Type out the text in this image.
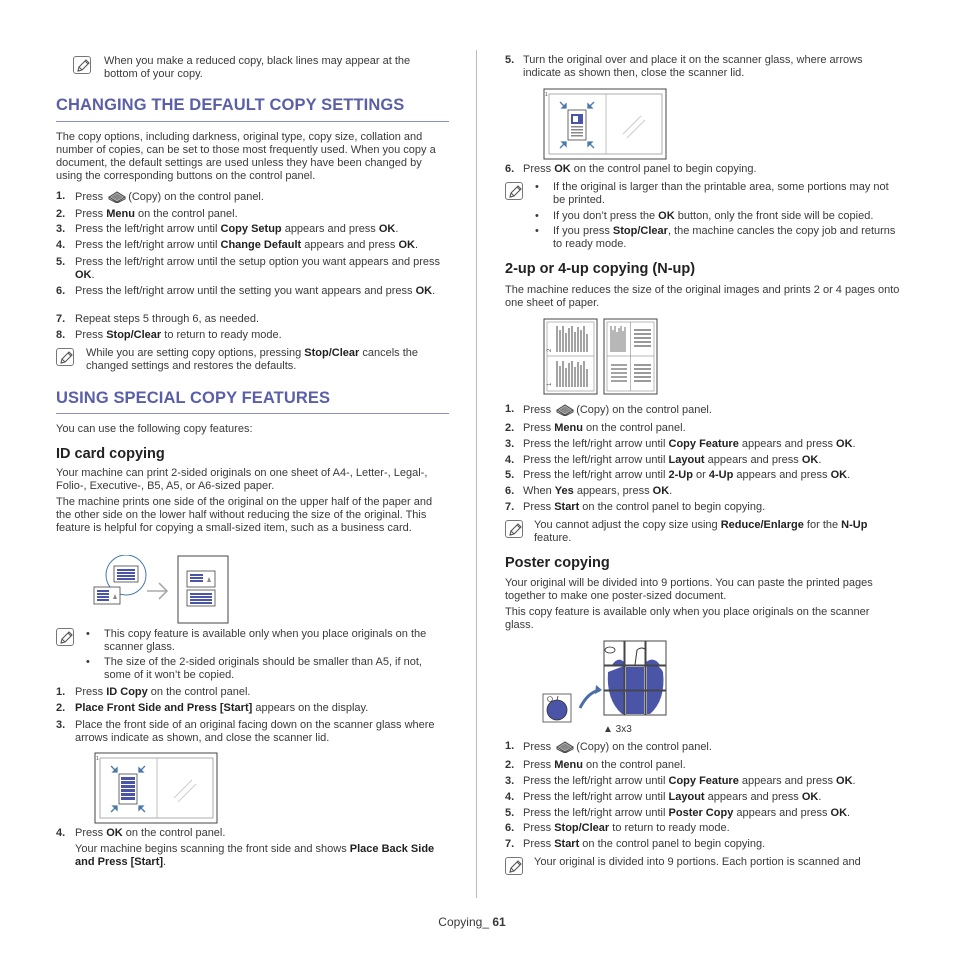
When you make a reduced copy, black lines may appear at the bottom of your copy.

CHANGING THE DEFAULT COPY SETTINGS

The copy options, including darkness, original type, copy size, collation and number of copies, can be set to those most frequently used. When you copy a document, the default settings are used unless they have been changed by using the corresponding buttons on the control panel.

1. Press (Copy) on the control panel.

2. Press Menu on the control panel.

3. Press the left/right arrow until Copy Setup appears and press OK.

4. Press the left/right arrow until Change Default appears and press OK.

5. Press the left/right arrow until the setup option you want appears and press OK.

6. Press the left/right arrow until the setting you want appears and press OK.

7. Repeat steps 5 through 6, as needed.

8. Press Stop/Clear to return to ready mode.

While you are setting copy options, pressing Stop/Clear cancels the changed settings and restores the defaults.

USING SPECIAL COPY FEATURES

You can use the following copy features:

ID card copying

Your machine can print 2-sided originals on one sheet of A4-, Letter-, Legal-, Folio-, Executive-, B5, A5, or A6-sized paper.

The machine prints one side of the original on the upper half of the paper and the other side on the lower half without reducing the size of the original. This feature is helpful for copying a small-sized item, such as a business card.

• This copy feature is available only when you place originals on the scanner glass.

• The size of the 2-sided originals should be smaller than A5, if not, some of it won’t be copied.

1. Press ID Copy on the control panel.

2. Place Front Side and Press [Start] appears on the display.

3. Place the front side of an original facing down on the scanner glass where arrows indicate as shown, and close the scanner lid.

1
4. Press OK on the control panel.

Your machine begins scanning the front side and shows Place Back Side and Press [Start].

5. Turn the original over and place it on the scanner glass, where arrows indicate as shown then, close the scanner lid.

1
6. Press OK on the control panel to begin copying.

• If the original is larger than the printable area, some portions may not be printed.

• If you don’t press the OK button, only the front side will be copied.

• If you press Stop/Clear, the machine cancles the copy job and returns to ready mode.

2-up or 4-up copying (N-up)

The machine reduces the size of the original images and prints 2 or 4 pages onto one sheet of paper.

2
1
1. Press (Copy) on the control panel.

2. Press Menu on the control panel.

3. Press the left/right arrow until Copy Feature appears and press OK.

4. Press the left/right arrow until Layout appears and press OK.

5. Press the left/right arrow until 2-Up or 4-Up appears and press OK.

6. When Yes appears, press OK.

7. Press Start on the control panel to begin copying.

You cannot adjust the copy size using Reduce/Enlarge for the N-Up feature.

Poster copying

Your original will be divided into 9 portions. You can paste the printed pages together to make one poster-sized document.

This copy feature is available only when you place originals on the scanner glass.

▲ 3x3
1. Press (Copy) on the control panel.

2. Press Menu on the control panel.

3. Press the left/right arrow until Copy Feature appears and press OK.

4. Press the left/right arrow until Layout appears and press OK.

5. Press the left/right arrow until Poster Copy appears and press OK.

6. Press Stop/Clear to return to ready mode.

7. Press Start on the control panel to begin copying.

Your original is divided into 9 portions. Each portion is scanned and

Copying_ 61
